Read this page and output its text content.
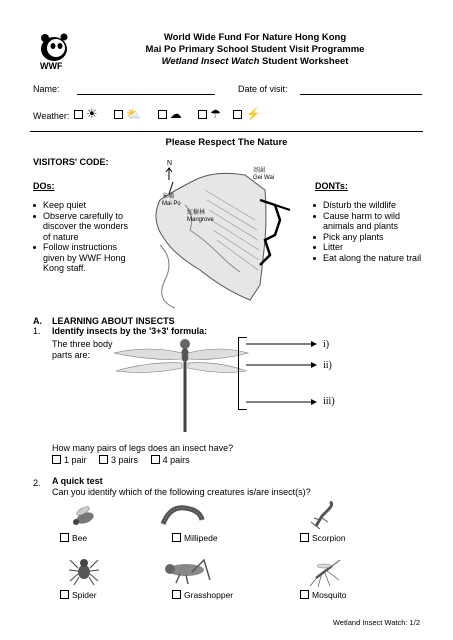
WWF
World Wide Fund For Nature Hong Kong
Mai Po Primary School Student Visit Programme
Wetland Insect Watch Student Worksheet
Name:	Date of visit:
Weather:	☀ ⛅ ☁ ☂ ⚡
Please Respect The Nature
VISITORS' CODE:
DOs:
Keep quiet
Observe carefully to discover the wonders of nature
Follow instructions given by WWF Hong Kong staff.
DONTs:
Disturb the wildlife
Cause harm to wild animals and plants
Pick any plants
Litter
Eat along the nature trail
米埔
Mai Po
紅樹林
Mangrove
基圍
Gei Wai
N
A. LEARNING ABOUT INSECTS
1. Identify insects by the '3+3' formula:
The three body parts are:
i)
ii)
iii)
How many pairs of legs does an insect have?
1 pair	3 pairs	4 pairs
2. A quick test
Can you identify which of the following creatures is/are insect(s)?
Bee	Millipede	Scorpion
Spider	Grasshopper	Mosquito
Wetland Insect Watch: 1/2
